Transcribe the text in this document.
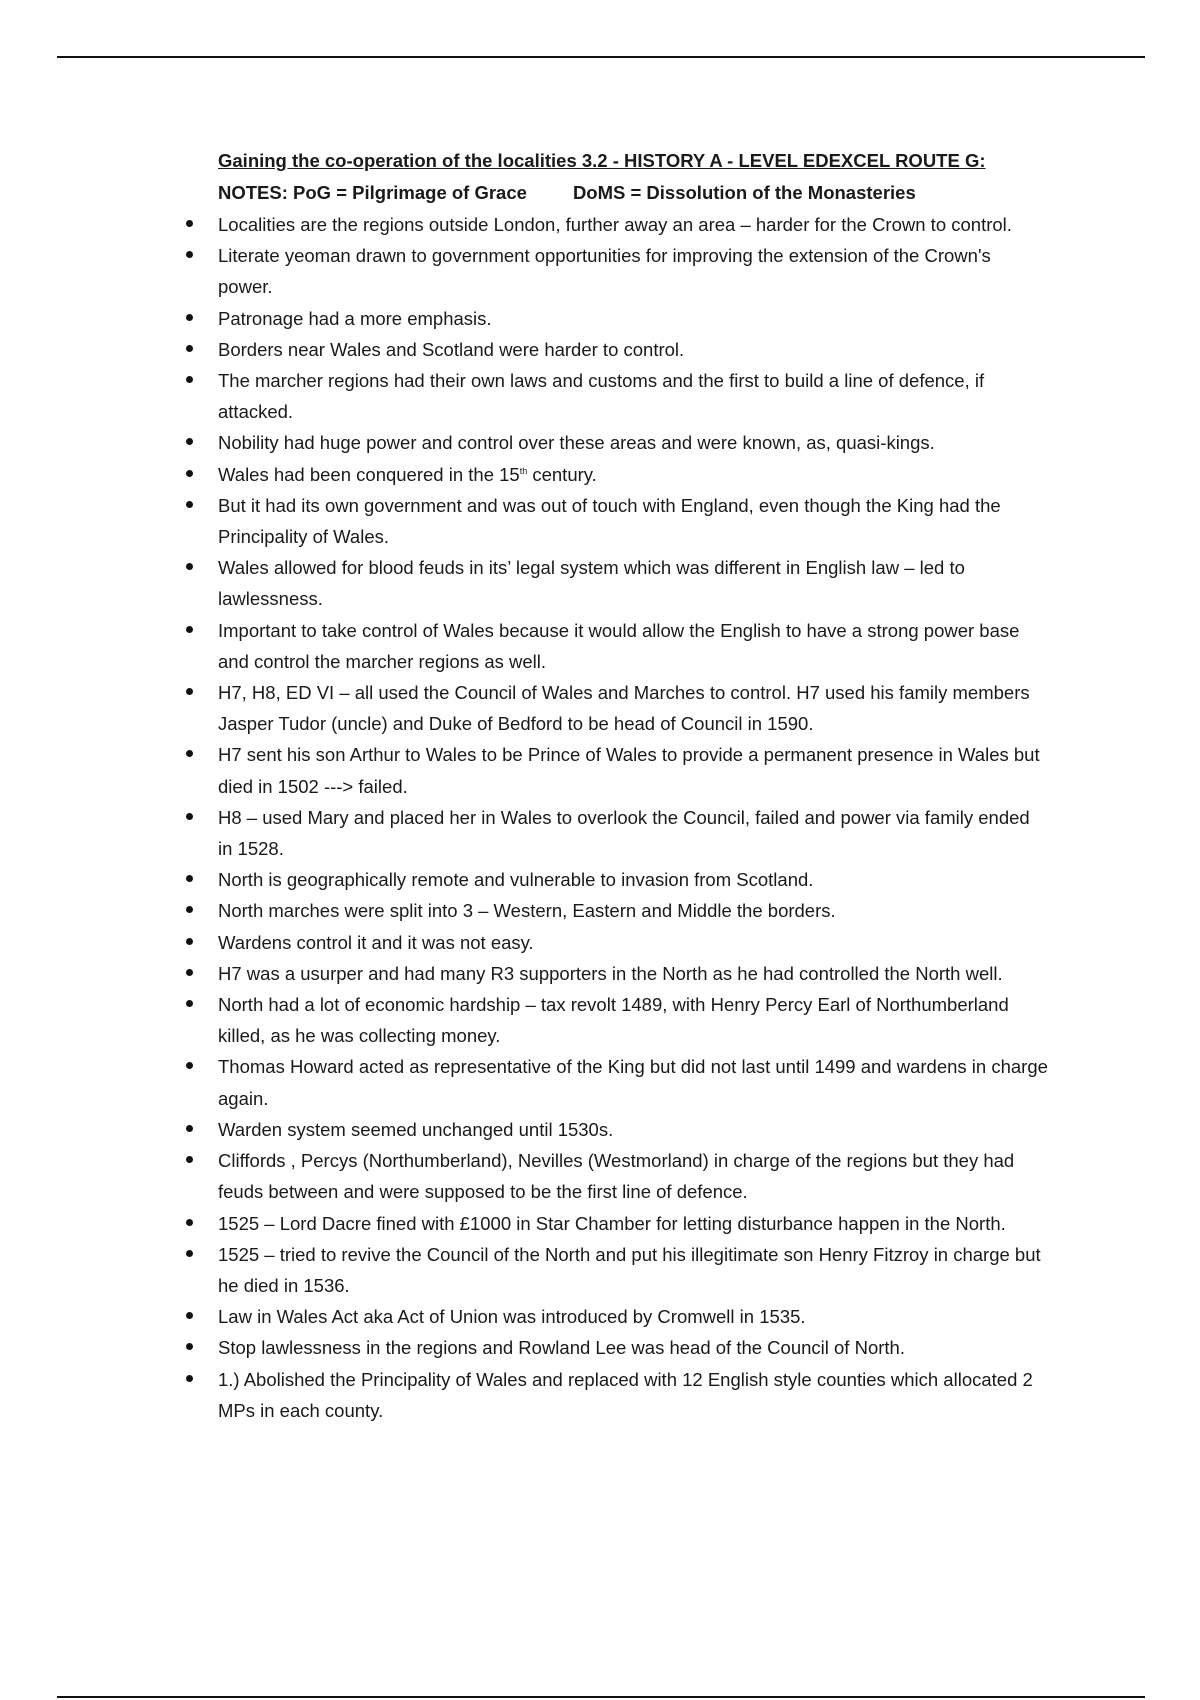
Gaining the co-operation of the localities 3.2 - HISTORY A - LEVEL EDEXCEL ROUTE G:
NOTES: PoG = Pilgrimage of Grace DoMS = Dissolution of the Monasteries
Localities are the regions outside London, further away an area – harder for the Crown to control.
Literate yeoman drawn to government opportunities for improving the extension of the Crown's power.
Patronage had a more emphasis.
Borders near Wales and Scotland were harder to control.
The marcher regions had their own laws and customs and the first to build a line of defence, if attacked.
Nobility had huge power and control over these areas and were known, as, quasi-kings.
Wales had been conquered in the 15th century.
But it had its own government and was out of touch with England, even though the King had the Principality of Wales.
Wales allowed for blood feuds in its’ legal system which was different in English law – led to lawlessness.
Important to take control of Wales because it would allow the English to have a strong power base and control the marcher regions as well.
H7, H8, ED VI – all used the Council of Wales and Marches to control. H7 used his family members Jasper Tudor (uncle) and Duke of Bedford to be head of Council in 1590.
H7 sent his son Arthur to Wales to be Prince of Wales to provide a permanent presence in Wales but died in 1502 ---> failed.
H8 – used Mary and placed her in Wales to overlook the Council, failed and power via family ended in 1528.
North is geographically remote and vulnerable to invasion from Scotland.
North marches were split into 3 – Western, Eastern and Middle the borders.
Wardens control it and it was not easy.
H7 was a usurper and had many R3 supporters in the North as he had controlled the North well.
North had a lot of economic hardship – tax revolt 1489, with Henry Percy Earl of Northumberland killed, as he was collecting money.
Thomas Howard acted as representative of the King but did not last until 1499 and wardens in charge again.
Warden system seemed unchanged until 1530s.
Cliffords , Percys (Northumberland), Nevilles (Westmorland) in charge of the regions but they had feuds between and were supposed to be the first line of defence.
1525 – Lord Dacre fined with £1000 in Star Chamber for letting disturbance happen in the North.
1525 – tried to revive the Council of the North and put his illegitimate son Henry Fitzroy in charge but he died in 1536.
Law in Wales Act aka Act of Union was introduced by Cromwell in 1535.
Stop lawlessness in the regions and Rowland Lee was head of the Council of North.
1.) Abolished the Principality of Wales and replaced with 12 English style counties which allocated 2 MPs in each county.
